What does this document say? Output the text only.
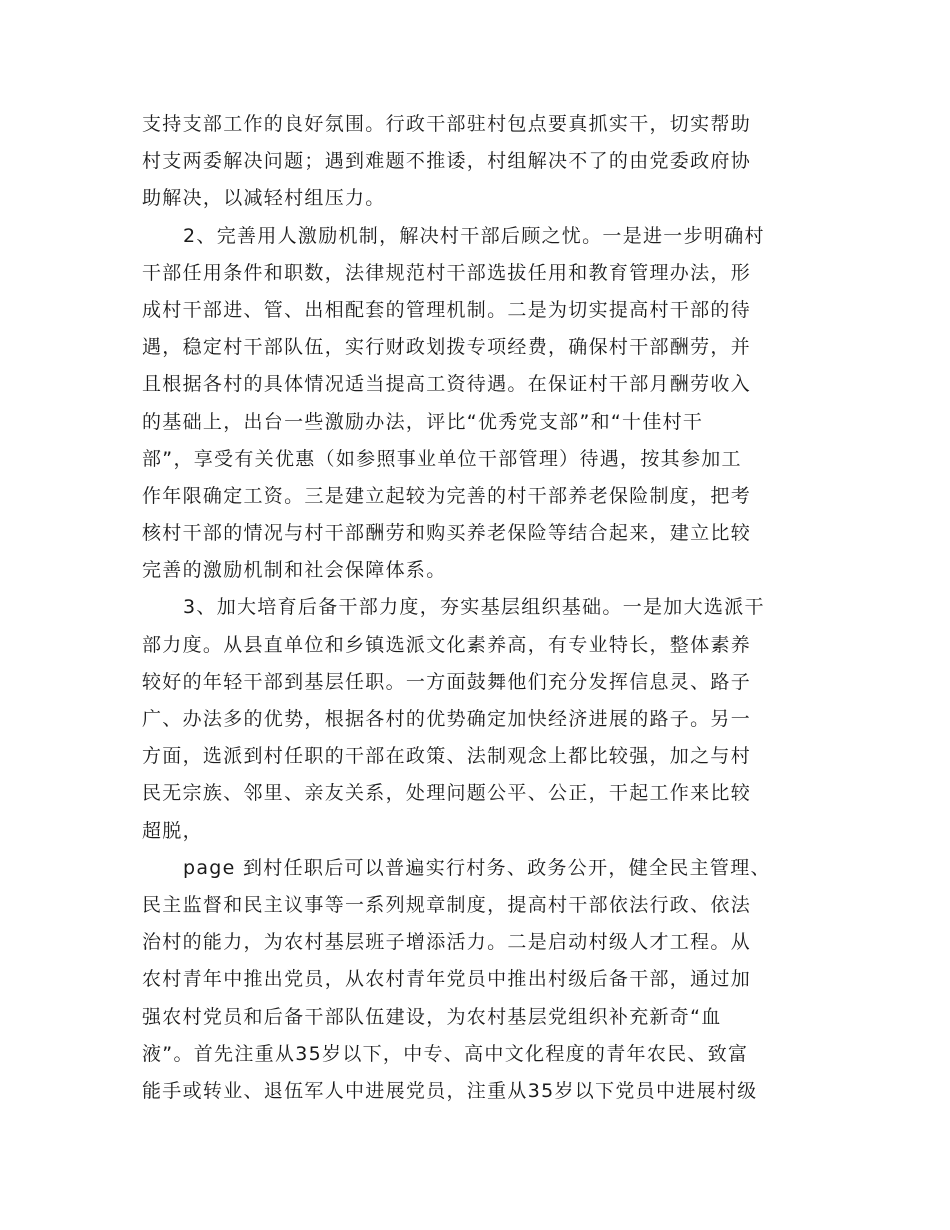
支持支部工作的良好氛围。行政干部驻村包点要真抓实干，切实帮助
村支两委解决问题；遇到难题不推诿，村组解决不了的由党委政府协
助解决，以减轻村组压力。
2、完善用人激励机制，解决村干部后顾之忧。一是进一步明确村
干部任用条件和职数，法律规范村干部选拔任用和教育管理办法，形
成村干部进、管、出相配套的管理机制。二是为切实提高村干部的待
遇，稳定村干部队伍，实行财政划拨专项经费，确保村干部酬劳，并
且根据各村的具体情况适当提高工资待遇。在保证村干部月酬劳收入
的基础上，出台一些激励办法，评比“优秀党支部”和“十佳村干
部”，享受有关优惠（如参照事业单位干部管理）待遇，按其参加工
作年限确定工资。三是建立起较为完善的村干部养老保险制度，把考
核村干部的情况与村干部酬劳和购买养老保险等结合起来，建立比较
完善的激励机制和社会保障体系。
3、加大培育后备干部力度，夯实基层组织基础。一是加大选派干
部力度。从县直单位和乡镇选派文化素养高，有专业特长，整体素养
较好的年轻干部到基层任职。一方面鼓舞他们充分发挥信息灵、路子
广、办法多的优势，根据各村的优势确定加快经济进展的路子。另一
方面，选派到村任职的干部在政策、法制观念上都比较强，加之与村
民无宗族、邻里、亲友关系，处理问题公平、公正，干起工作来比较
超脱，
page 到村任职后可以普遍实行村务、政务公开，健全民主管理、
民主监督和民主议事等一系列规章制度，提高村干部依法行政、依法
治村的能力，为农村基层班子增添活力。二是启动村级人才工程。从
农村青年中推出党员，从农村青年党员中推出村级后备干部，通过加
强农村党员和后备干部队伍建设，为农村基层党组织补充新奇“血
液”。首先注重从35岁以下，中专、高中文化程度的青年农民、致富
能手或转业、退伍军人中进展党员，注重从35岁以下党员中进展村级
